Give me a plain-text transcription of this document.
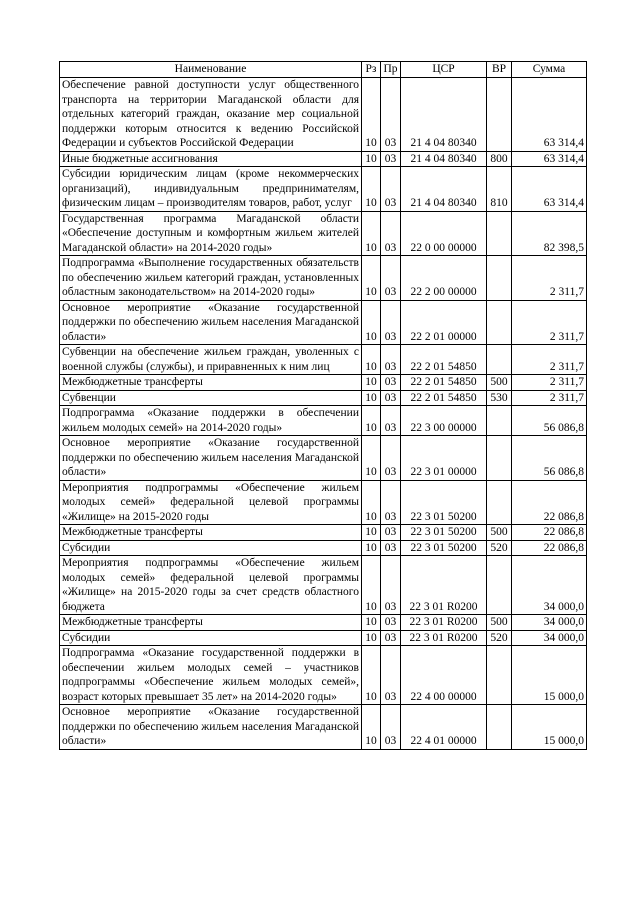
Наименование	Рз	Пр	ЦСР	ВР	Сумма
Обеспечение равной доступности услуг общественного транспорта на территории Магаданской области для отдельных категорий граждан, оказание мер социальной поддержки которым относится к ведению Российской Федерации и субъектов Российской Федерации	10	03	21 4 04 80340		63 314,4
Иные бюджетные ассигнования	10	03	21 4 04 80340	800	63 314,4
Субсидии юридическим лицам (кроме некоммерческих организаций), индивидуальным предпринимателям, физическим лицам – производителям товаров, работ, услуг	10	03	21 4 04 80340	810	63 314,4
Государственная программа Магаданской области «Обеспечение доступным и комфортным жильем жителей Магаданской области» на 2014-2020 годы»	10	03	22 0 00 00000		82 398,5
Подпрограмма «Выполнение государственных обязательств по обеспечению жильем категорий граждан, установленных областным законодательством» на 2014-2020 годы»	10	03	22 2 00 00000		2 311,7
Основное мероприятие «Оказание государственной поддержки по обеспечению жильем населения Магаданской области»	10	03	22 2 01 00000		2 311,7
Субвенции на обеспечение жильем граждан, уволенных с военной службы (службы), и приравненных к ним лиц	10	03	22 2 01 54850		2 311,7
Межбюджетные трансферты	10	03	22 2 01 54850	500	2 311,7
Субвенции	10	03	22 2 01 54850	530	2 311,7
Подпрограмма «Оказание поддержки в обеспечении жильем молодых семей» на 2014-2020 годы»	10	03	22 3 00 00000		56 086,8
Основное мероприятие «Оказание государственной поддержки по обеспечению жильем населения Магаданской области»	10	03	22 3 01 00000		56 086,8
Мероприятия подпрограммы «Обеспечение жильем молодых семей» федеральной целевой программы «Жилище» на 2015-2020 годы	10	03	22 3 01 50200		22 086,8
Межбюджетные трансферты	10	03	22 3 01 50200	500	22 086,8
Субсидии	10	03	22 3 01 50200	520	22 086,8
Мероприятия подпрограммы «Обеспечение жильем молодых семей» федеральной целевой программы «Жилище» на 2015-2020 годы за счет средств областного бюджета	10	03	22 3 01 R0200		34 000,0
Межбюджетные трансферты	10	03	22 3 01 R0200	500	34 000,0
Субсидии	10	03	22 3 01 R0200	520	34 000,0
Подпрограмма «Оказание государственной поддержки в обеспечении жильем молодых семей – участников подпрограммы «Обеспечение жильем молодых семей», возраст которых превышает 35 лет» на 2014-2020 годы»	10	03	22 4 00 00000		15 000,0
Основное мероприятие «Оказание государственной поддержки по обеспечению жильем населения Магаданской области»	10	03	22 4 01 00000		15 000,0
